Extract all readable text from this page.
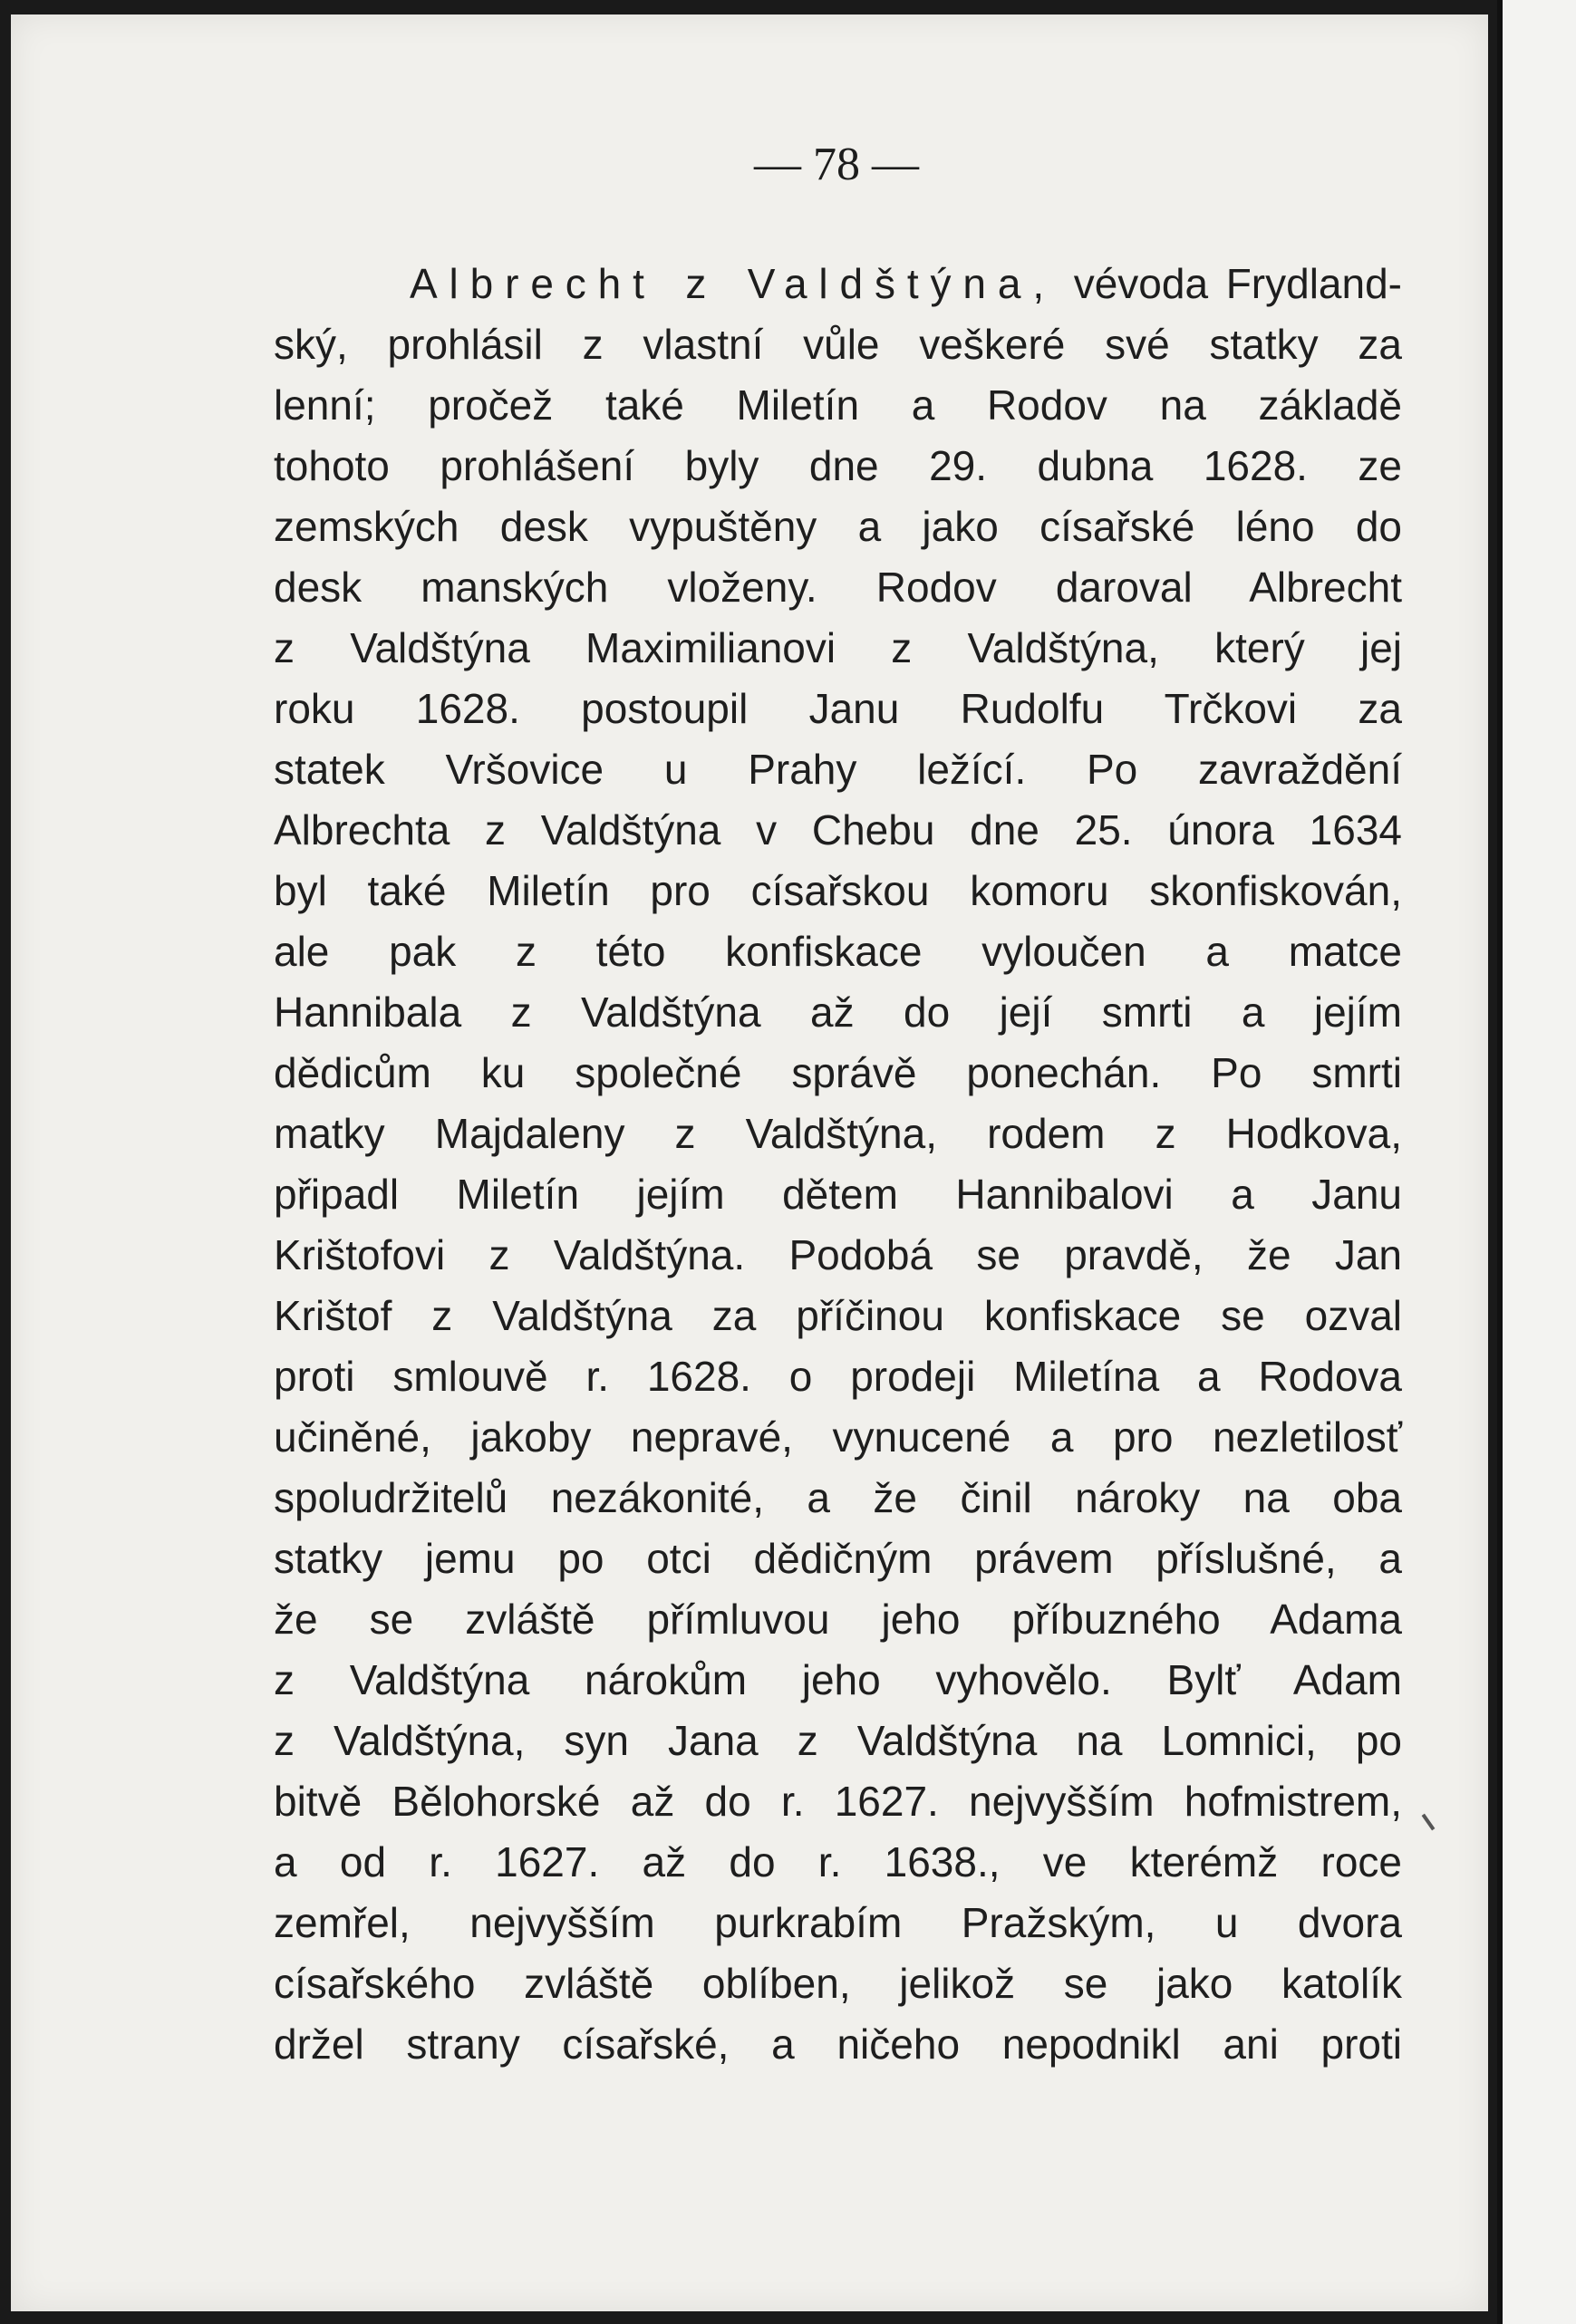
— 78 —
Albrecht z Valdštýna, vévoda Frydland-
ský, prohlásil z vlastní vůle veškeré své statky za
lenní; pročež také Miletín a Rodov na základě
tohoto prohlášení byly dne 29. dubna 1628. ze
zemských desk vypuštěny a jako císařské léno do
desk manských vloženy. Rodov daroval Albrecht
z Valdštýna Maximilianovi z Valdštýna, který jej
roku 1628. postoupil Janu Rudolfu Trčkovi za
statek Vršovice u Prahy ležící. Po zavraždění
Albrechta z Valdštýna v Chebu dne 25. února 1634
byl také Miletín pro císařskou komoru skonfiskován,
ale pak z této konfiskace vyloučen a matce
Hannibala z Valdštýna až do její smrti a jejím
dědicům ku společné správě ponechán. Po smrti
matky Majdaleny z Valdštýna, rodem z Hodkova,
připadl Miletín jejím dětem Hannibalovi a Janu
Krištofovi z Valdštýna. Podobá se pravdě, že Jan
Krištof z Valdštýna za příčinou konfiskace se ozval
proti smlouvě r. 1628. o prodeji Miletína a Rodova
učiněné, jakoby nepravé, vynucené a pro nezletilosť
spoludržitelů nezákonité, a že činil nároky na oba
statky jemu po otci dědičným právem příslušné, a
že se zvláště přímluvou jeho příbuzného Adama
z Valdštýna nárokům jeho vyhovělo. Bylť Adam
z Valdštýna, syn Jana z Valdštýna na Lomnici, po
bitvě Bělohorské až do r. 1627. nejvyšším hofmistrem,
a od r. 1627. až do r. 1638., ve kterémž roce
zemřel, nejvyšším purkrabím Pražským, u dvora
císařského zvláště oblíben, jelikož se jako katolík
držel strany císařské, a ničeho nepodnikl ani proti
